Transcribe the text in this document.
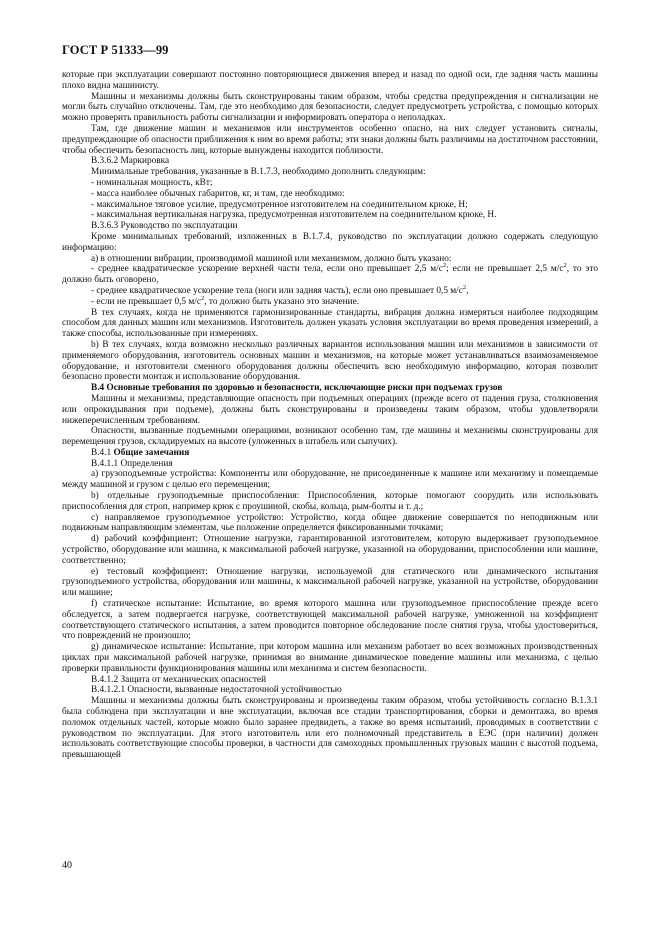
ГОСТ Р 51333—99

которые при эксплуатации совершают постоянно повторяющиеся движения вперед и назад по одной оси, где задняя часть машины плохо видна машинисту.

Машины и механизмы должны быть сконструированы таким образом, чтобы средства предупреждения и сигнализации не могли быть случайно отключены. Там, где это необходимо для безопасности, следует предусмотреть устройства, с помощью которых можно проверить правильность работы сигнализации и информировать оператора о неполадках.

Там, где движение машин и механизмов или инструментов особенно опасно, на них следует установить сигналы, предупреждающие об опасности приближения к ним во время работы; эти знаки должны быть различимы на достаточном расстоянии, чтобы обеспечить безопасность лиц, которые вынуждены находится поблизости.

В.3.6.2 Маркировка

Минимальные требования, указанные в В.1.7.3, необходимо дополнить следующим:

- номинальная мощность, кВт;

- масса наиболее обычных габаритов, кг, и там, где необходимо:

- максимальное тяговое усилие, предусмотренное изготовителем на соединительном крюке, Н;

- максимальная вертикальная нагрузка, предусмотренная изготовителем на соединительном крюке, Н.

В.3.6.3 Руководство по эксплуатации

Кроме минимальных требований, изложенных в В.1.7.4, руководство по эксплуатации должно содержать следующую информацию:

а) в отношении вибрации, производимой машиной или механизмом, должно быть указано:

- среднее квадратическое ускорение верхней части тела, если оно превышает 2,5 $м/с^2$; если не превышает 2,5 $м/с^2$, то это должно быть оговорено,

- среднее квадратическое ускорение тела (ноги или задняя часть), если оно превышает 0,5 $м/с^2$,

- если не превышает 0,5 $м/с^2$, то должно быть указано это значение.

В тех случаях, когда не применяются гармонизированные стандарты, вибрация должна измеряться наиболее подходящим способом для данных машин или механизмов. Изготовитель должен указать условия эксплуатации во время проведения измерений, а также способы, использованные при измерениях.

b) В тех случаях, когда возможно несколько различных вариантов использования машин или механизмов в зависимости от применяемого оборудования, изготовитель основных машин и механизмов, на которые может устанавливаться взаимозаменяемое оборудование, и изготовители сменного оборудования должны обеспечить всю необходимую информацию, которая позволит безопасно провести монтаж и использование оборудования.

В.4 Основные требования по здоровью и безопасности, исключающие риски при подъемах грузов

Машины и механизмы, представляющие опасность при подъемных операциях (прежде всего от падения груза, столкновения или опрокидывания при подъеме), должны быть сконструированы и произведены таким образом, чтобы удовлетворяли нижеперечисленным требованиям.

Опасности, вызванные подъемными операциями, возникают особенно там, где машины и механизмы сконструированы для перемещения грузов, складируемых на высоте (уложенных в штабель или сыпучих).

В.4.1 Общие замечания

В.4.1.1 Определения

а) грузоподъемные устройства: Компоненты или оборудование, не присоединенные к машине или механизму и помещаемые между машиной и грузом с целью его перемещения;

b) отдельные грузоподъемные приспособления: Приспособления, которые помогают соорудить или использовать приспособления для строп, например крюк с проушиной, скобы, кольца, рым-болты и т. д.;

с) направляемое грузоподъемное устройство: Устройство, когда общее движение совершается по неподвижным или подвижным направляющим элементам, чье положение определяется фиксированными точками;

d) рабочий коэффициент: Отношение нагрузки, гарантированной изготовителем, которую выдерживает грузоподъемное устройство, оборудование или машина, к максимальной рабочей нагрузке, указанной на оборудовании, приспособлении или машине, соответственно;

е) тестовый коэффициент: Отношение нагрузки, используемой для статического или динамического испытания грузоподъемного устройства, оборудования или машины, к максимальной рабочей нагрузке, указанной на устройстве, оборудовании или машине;

f) статическое испытание: Испытание, во время которого машина или грузоподъемное приспособление прежде всего обследуется, а затем подвергается нагрузке, соответствующей максимальной рабочей нагрузке, умноженной на коэффициент соответствующего статического испытания, а затем проводится повторное обследование после снятия груза, чтобы удостовериться, что повреждений не произошло;

g) динамическое испытание: Испытание, при котором машина или механизм работает во всех возможных производственных циклах при максимальной рабочей нагрузке, принимая во внимание динамическое поведение машины или механизма, с целью проверки правильности функционирования машины или механизма и систем безопасности.

В.4.1.2 Защита от механических опасностей

В.4.1.2.1 Опасности, вызванные недостаточной устойчивостью

Машины и механизмы должны быть сконструированы и произведены таким образом, чтобы устойчивость согласно В.1.3.1 была соблюдена при эксплуатации и вне эксплуатации, включая все стадии транспортирования, сборки и демонтажа, во время поломок отдельных частей, которые можно было заранее предвидеть, а также во время испытаний, проводимых в соответствии с руководством по эксплуатации. Для этого изготовитель или его полномочный представитель в ЕЭС (при наличии) должен использовать соответствующие способы проверки, в частности для самоходных промышленных грузовых машин с высотой подъема, превышающей

40
